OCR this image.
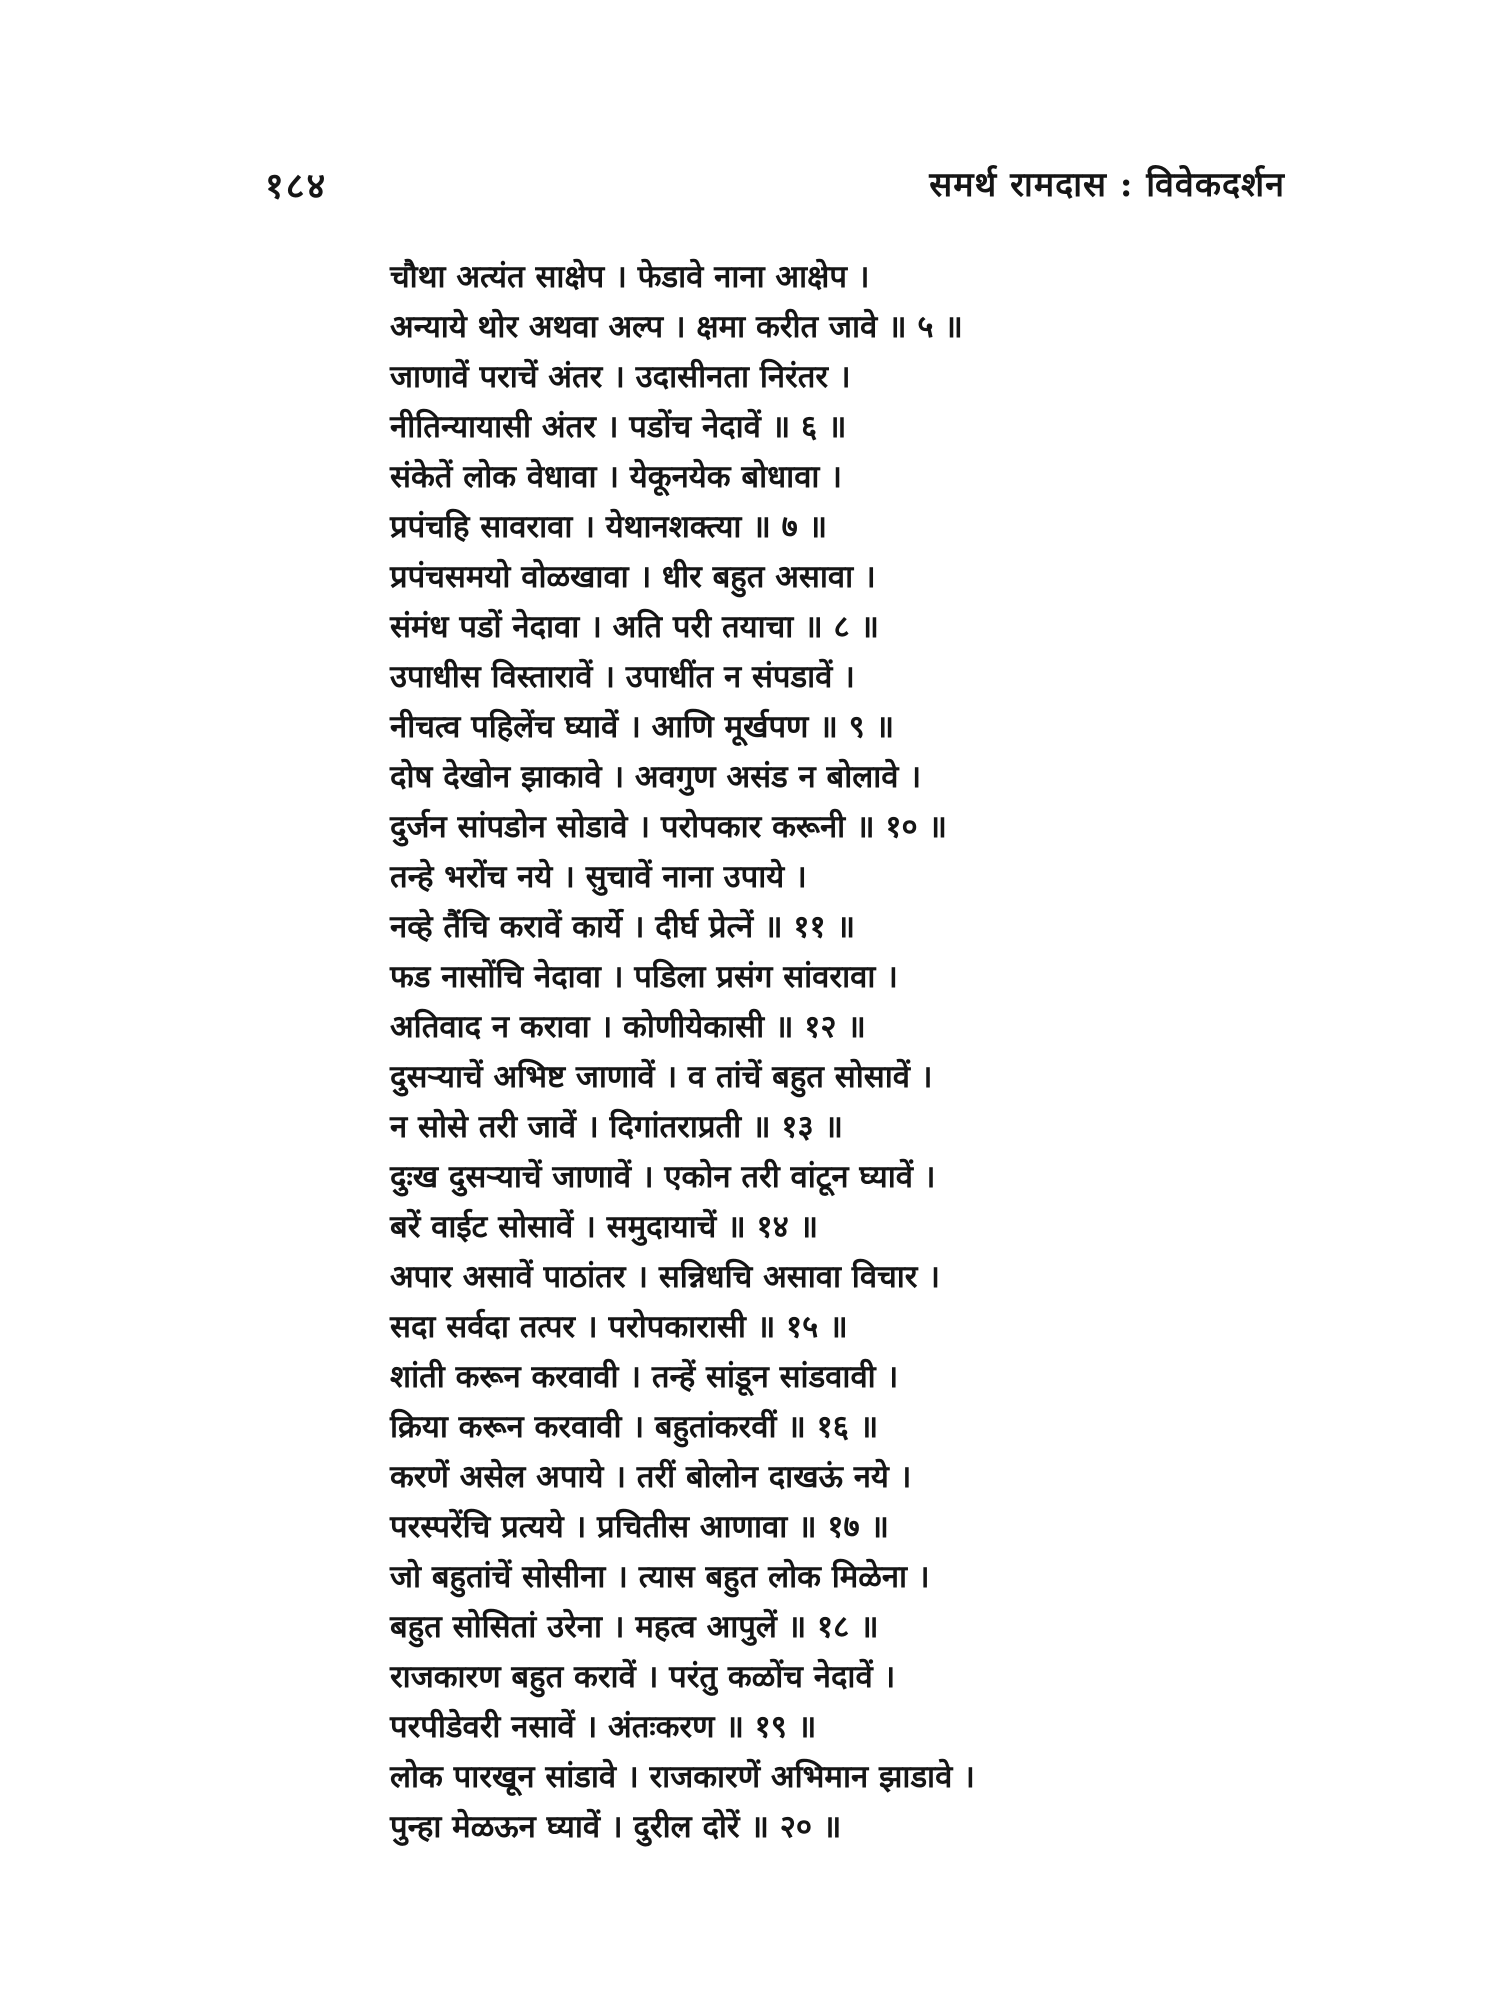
१८४	समर्थ रामदास : विवेकदर्शन
चौथा अत्यंत साक्षेप । फेडावे नाना आक्षेप ।
अन्याये थोर अथवा अल्प । क्षमा करीत जावे ॥ ५ ॥
जाणावें पराचें अंतर । उदासीनता निरंतर ।
नीतिन्यायासी अंतर । पडोंच नेदावें ॥ ६ ॥
संकेतें लोक वेधावा । येकूनयेक बोधावा ।
प्रपंचहि सावरावा । येथानशक्त्या ॥ ७ ॥
प्रपंचसमयो वोळखावा । धीर बहुत असावा ।
संमंध पडों नेदावा । अति परी तयाचा ॥ ८ ॥
उपाधीस विस्तारावें । उपाधींत न संपडावें ।
नीचत्व पहिलेंच घ्यावें । आणि मूर्खपण ॥ ९ ॥
दोष देखोन झाकावे । अवगुण असंड न बोलावे ।
दुर्जन सांपडोन सोडावे । परोपकार करूनी ॥ १० ॥
तन्हे भरोंच नये । सुचावें नाना उपाये ।
नव्हे तैंचि करावें कार्ये । दीर्घ प्रेत्नें ॥ ११ ॥
फड नासोंचि नेदावा । पडिला प्रसंग सांवरावा ।
अतिवाद न करावा । कोणीयेकासी ॥ १२ ॥
दुसऱ्याचें अभिष्ट जाणावें । व तांचें बहुत सोसावें ।
न सोसे तरी जावें । दिगांतराप्रती ॥ १३ ॥
दुःख दुसऱ्याचें जाणावें । एकोन तरी वांटून घ्यावें ।
बरें वाईट सोसावें । समुदायाचें ॥ १४ ॥
अपार असावें पाठांतर । सन्निधचि असावा विचार ।
सदा सर्वदा तत्पर । परोपकारासी ॥ १५ ॥
शांती करून करवावी । तन्हें सांडून सांडवावी ।
क्रिया करून करवावी । बहुतांकरवीं ॥ १६ ॥
करणें असेल अपाये । तरीं बोलोन दाखऊं नये ।
परस्परेंचि प्रत्यये । प्रचितीस आणावा ॥ १७ ॥
जो बहुतांचें सोसीना । त्यास बहुत लोक मिळेना ।
बहुत सोसितां उरेना । महत्व आपुलें ॥ १८ ॥
राजकारण बहुत करावें । परंतु कळोंच नेदावें ।
परपीडेवरी नसावें । अंतःकरण ॥ १९ ॥
लोक पारखून सांडावे । राजकारणें अभिमान झाडावे ।
पुन्हा मेळऊन घ्यावें । दुरील दोरें ॥ २० ॥
